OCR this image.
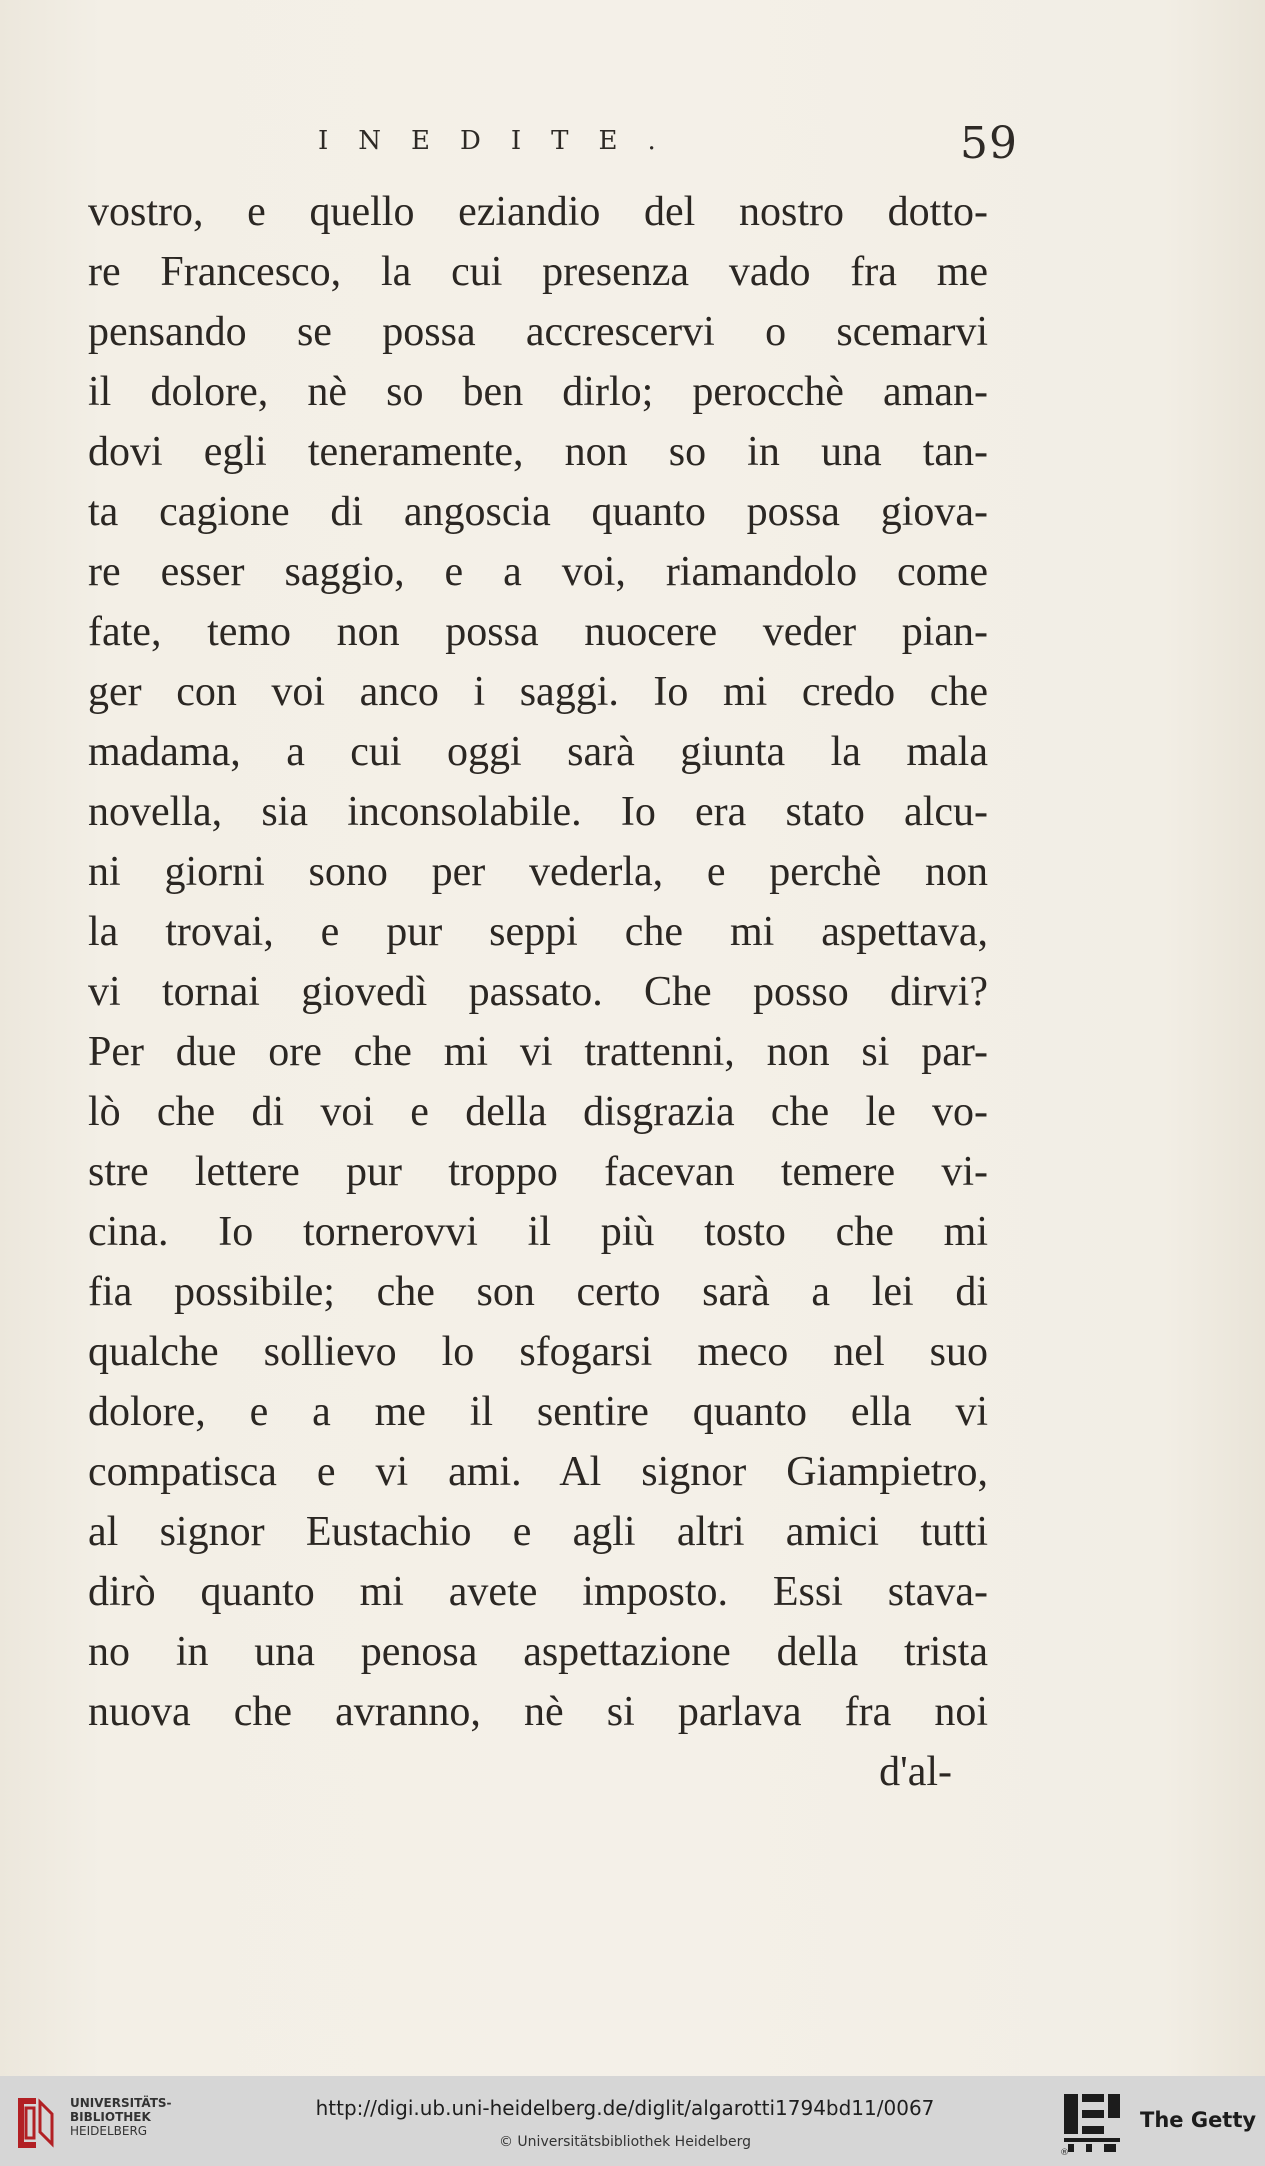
INEDITE.	59
vostro, e quello eziandio del nostro dotto-
re Francesco, la cui presenza vado fra me
pensando se possa accrescervi o scemarvi
il dolore, nè so ben dirlo; perocchè aman-
dovi egli teneramente, non so in una tan-
ta cagione di angoscia quanto possa giova-
re esser saggio, e a voi, riamandolo come
fate, temo non possa nuocere veder pian-
ger con voi anco i saggi. Io mi credo che
madama, a cui oggi sarà giunta la mala
novella, sia inconsolabile. Io era stato alcu-
ni giorni sono per vederla, e perchè non
la trovai, e pur seppi che mi aspettava,
vi tornai giovedì passato. Che posso dirvi?
Per due ore che mi vi trattenni, non si par-
lò che di voi e della disgrazia che le vo-
stre lettere pur troppo facevan temere vi-
cina. Io tornerovvi il più tosto che mi
fia possibile; che son certo sarà a lei di
qualche sollievo lo sfogarsi meco nel suo
dolore, e a me il sentire quanto ella vi
compatisca e vi ami. Al signor Giampietro,
al signor Eustachio e agli altri amici tutti
dirò quanto mi avete imposto. Essi stava-
no in una penosa aspettazione della trista
nuova che avranno, nè si parlava fra noi
d'al-
UNIVERSITÄTS-
BIBLIOTHEK
HEIDELBERG
http://digi.ub.uni-heidelberg.de/diglit/algarotti1794bd11/0067
© Universitätsbibliothek Heidelberg
®
The Getty
